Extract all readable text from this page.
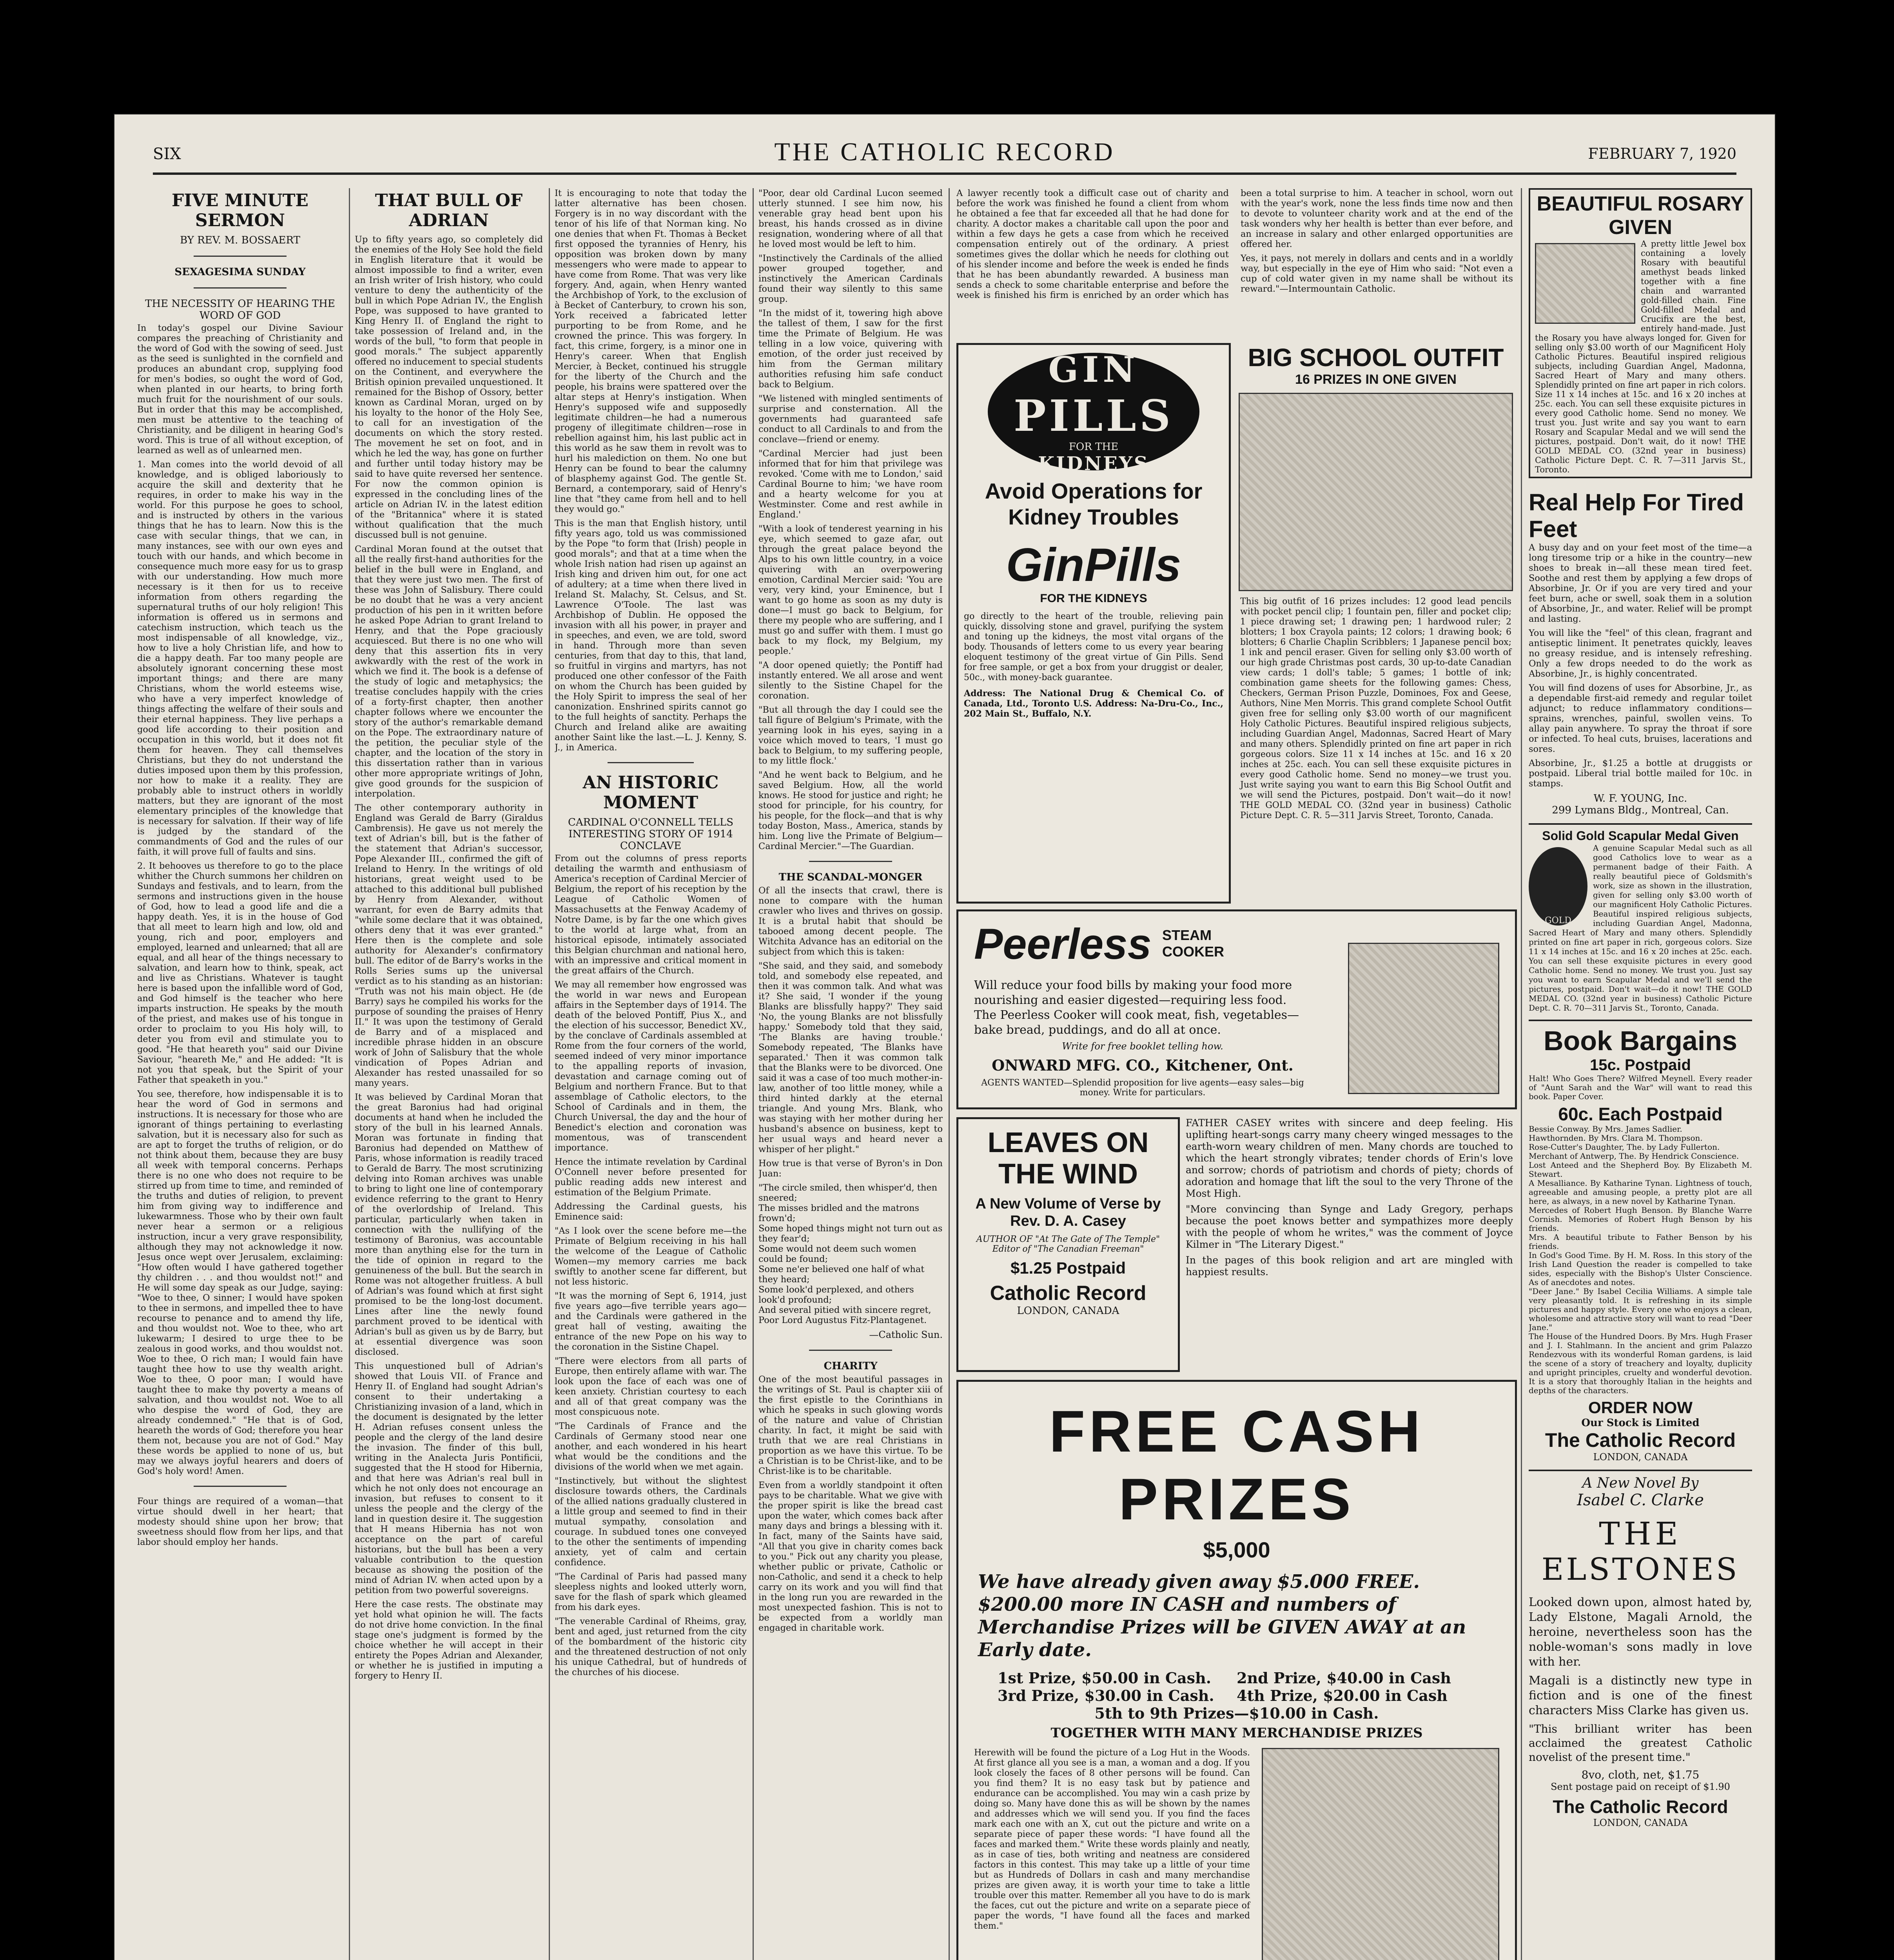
SIX	THE CATHOLIC RECORD	FEBRUARY 7, 1920
FIVE MINUTE SERMON
BY REV. M. BOSSAERT
SEXAGESIMA SUNDAY
THE NECESSITY OF HEARING THE WORD OF GOD

In today's gospel our Divine Saviour compares the preaching of Christianity and the word of God with the sowing of seed. Just as the seed is sunlighted in the cornfield and produces an abundant crop, supplying food for men's bodies, so ought the word of God, when planted in our hearts, to bring forth much fruit for the nourishment of our souls. But in order that this may be accomplished, men must be attentive to the teaching of Christianity, and be diligent in hearing God's word. This is true of all without exception, of learned as well as of unlearned men.

1. Man comes into the world devoid of all knowledge, and is obliged laboriously to acquire the skill and dexterity that he requires, in order to make his way in the world. For this purpose he goes to school, and is instructed by others in the various things that he has to learn. Now this is the case with secular things, that we can, in many instances, see with our own eyes and touch with our hands, and which become in consequence much more easy for us to grasp with our understanding. How much more necessary is it then for us to receive information from others regarding the supernatural truths of our holy religion! This information is offered us in sermons and catechism instruction, which teach us the most indispensable of all knowledge, viz., how to live a holy Christian life, and how to die a happy death. Far too many people are absolutely ignorant concerning these most important things; and there are many Christians, whom the world esteems wise, who have a very imperfect knowledge of things affecting the welfare of their souls and their eternal happiness. They live perhaps a good life according to their position and occupation in this world, but it does not fit them for heaven. They call themselves Christians, but they do not understand the duties imposed upon them by this profession, nor how to make it a reality. They are probably able to instruct others in worldly matters, but they are ignorant of the most elementary principles of the knowledge that is necessary for salvation. If their way of life is judged by the standard of the commandments of God and the rules of our faith, it will prove full of faults and sins.

2. It behooves us therefore to go to the place whither the Church summons her children on Sundays and festivals, and to learn, from the sermons and instructions given in the house of God, how to lead a good life and die a happy death. Yes, it is in the house of God that all meet to learn high and low, old and young, rich and poor, employers and employed, learned and unlearned; that all are equal, and all hear of the things necessary to salvation, and learn how to think, speak, act and live as Christians. Whatever is taught here is based upon the infallible word of God, and God himself is the teacher who here imparts instruction. He speaks by the mouth of the priest, and makes use of his tongue in order to proclaim to you His holy will, to deter you from evil and stimulate you to good. "He that heareth you" said our Divine Saviour, "heareth Me," and He added: "It is not you that speak, but the Spirit of your Father that speaketh in you."

You see, therefore, how indispensable it is to hear the word of God in sermons and instructions. It is necessary for those who are ignorant of things pertaining to everlasting salvation, but it is necessary also for such as are apt to forget the truths of religion, or do not think about them, because they are busy all week with temporal concerns. Perhaps there is no one who does not require to be stirred up from time to time, and reminded of the truths and duties of religion, to prevent him from giving way to indifference and lukewarmness. Those who by their own fault never hear a sermon or a religious instruction, incur a very grave responsibility, although they may not acknowledge it now. Jesus once wept over Jerusalem, exclaiming: "How often would I have gathered together thy children . . . and thou wouldst not!" and He will some day speak as our Judge, saying: "Woe to thee, O sinner; I would have spoken to thee in sermons, and impelled thee to have recourse to penance and to amend thy life, and thou wouldst not. Woe to thee, who art lukewarm; I desired to urge thee to be zealous in good works, and thou wouldst not. Woe to thee, O rich man; I would fain have taught thee how to use thy wealth aright. Woe to thee, O poor man; I would have taught thee to make thy poverty a means of salvation, and thou wouldst not. Woe to all who despise the word of God, they are already condemned." "He that is of God, heareth the words of God; therefore you hear them not, because you are not of God." May these words be applied to none of us, but may we always joyful hearers and doers of God's holy word! Amen.

Four things are required of a woman—that virtue should dwell in her heart; that modesty should shine upon her brow; that sweetness should flow from her lips, and that labor should employ her hands.

THAT BULL OF ADRIAN

Up to fifty years ago, so completely did the enemies of the Holy See hold the field in English literature that it would be almost impossible to find a writer, even an Irish writer of Irish history, who could venture to deny the authenticity of the bull in which Pope Adrian IV., the English Pope, was supposed to have granted to King Henry II. of England the right to take possession of Ireland and, in the words of the bull, "to form that people in good morals." The subject apparently offered no inducement to special students on the Continent, and everywhere the British opinion prevailed unquestioned. It remained for the Bishop of Ossory, better known as Cardinal Moran, urged on by his loyalty to the honor of the Holy See, to call for an investigation of the documents on which the story rested. The movement he set on foot, and in which he led the way, has gone on further and further until today history may be said to have quite reversed her sentence. For now the common opinion is expressed in the concluding lines of the article on Adrian IV. in the latest edition of the "Britannica" where it is stated without qualification that the much discussed bull is not genuine.

Cardinal Moran found at the outset that all the really first-hand authorities for the belief in the bull were in England, and that they were just two men. The first of these was John of Salisbury. There could be no doubt that he was a very ancient production of his pen in it written before he asked Pope Adrian to grant Ireland to Henry, and that the Pope graciously acquiesced. But there is no one who will deny that this assertion fits in very awkwardly with the rest of the work in which we find it. The book is a defense of the study of logic and metaphysics; the treatise concludes happily with the cries of a forty-first chapter, then another chapter follows where we encounter the story of the author's remarkable demand on the Pope. The extraordinary nature of the petition, the peculiar style of the chapter, and the location of the story in this dissertation rather than in various other more appropriate writings of John, give good grounds for the suspicion of interpolation.

The other contemporary authority in England was Gerald de Barry (Giraldus Cambrensis). He gave us not merely the text of Adrian's bill, but is the father of the statement that Adrian's successor, Pope Alexander III., confirmed the gift of Ireland to Henry. In the writings of old historians, great weight used to be attached to this additional bull published by Henry from Alexander, without warrant, for even de Barry admits that "while some declare that it was obtained, others deny that it was ever granted." Here then is the complete and sole authority for Alexander's confirmatory bull. The editor of de Barry's works in the Rolls Series sums up the universal verdict as to his standing as an historian: "Truth was not his main object. He (de Barry) says he compiled his works for the purpose of sounding the praises of Henry II." It was upon the testimony of Gerald de Barry and of a misplaced and incredible phrase hidden in an obscure work of John of Salisbury that the whole vindication of Popes Adrian and Alexander has rested unassailed for so many years.

It was believed by Cardinal Moran that the great Baronius had had original documents at hand when he included the story of the bull in his learned Annals. Moran was fortunate in finding that Baronius had depended on Matthew of Paris, whose information is readily traced to Gerald de Barry. The most scrutinizing delving into Roman archives was unable to bring to light one line of contemporary evidence referring to the grant to Henry of the overlordship of Ireland. This particular, particularly when taken in connection with the nullifying of the testimony of Baronius, was accountable more than anything else for the turn in the tide of opinion in regard to the genuineness of the bull. But the search in Rome was not altogether fruitless. A bull of Adrian's was found which at first sight promised to be the long-lost document. Lines after line the newly found parchment proved to be identical with Adrian's bull as given us by de Barry, but at essential divergence was soon disclosed.

This unquestioned bull of Adrian's showed that Louis VII. of France and Henry II. of England had sought Adrian's consent to their undertaking a Christianizing invasion of a land, which in the document is designated by the letter H. Adrian refuses consent unless the people and the clergy of the land desire the invasion. The finder of this bull, writing in the Analecta Juris Pontificii, suggested that the H stood for Hibernia, and that here was Adrian's real bull in which he not only does not encourage an invasion, but refuses to consent to it unless the people and the clergy of the land in question desire it. The suggestion that H means Hibernia has not won acceptance on the part of careful historians, but the bull has been a very valuable contribution to the question because as showing the position of the mind of Adrian IV. when acted upon by a petition from two powerful sovereigns.

Here the case rests. The obstinate may yet hold what opinion he will. The facts do not drive home conviction. In the final stage one's judgment is formed by the choice whether he will accept in their entirety the Popes Adrian and Alexander, or whether he is justified in imputing a forgery to Henry II.

It is encouraging to note that today the latter alternative has been chosen. Forgery is in no way discordant with the tenor of his life of that Norman king. No one denies that when Ft. Thomas à Becket first opposed the tyrannies of Henry, his opposition was broken down by many messengers who were made to appear to have come from Rome. That was very like forgery. And, again, when Henry wanted the Archbishop of York, to the exclusion of à Becket of Canterbury, to crown his son, York received a fabricated letter purporting to be from Rome, and he crowned the prince. This was forgery. In fact, this crime, forgery, is a minor one in Henry's career. When that English Mercier, à Becket, continued his struggle for the liberty of the Church and the people, his brains were spattered over the altar steps at Henry's instigation. When Henry's supposed wife and supposedly legitimate children—he had a numerous progeny of illegitimate children—rose in rebellion against him, his last public act in this world as he saw them in revolt was to hurl his malediction on them. No one but Henry can be found to bear the calumny of blasphemy against God. The gentle St. Bernard, a contemporary, said of Henry's line that "they came from hell and to hell they would go."

This is the man that English history, until fifty years ago, told us was commissioned by the Pope "to form that (Irish) people in good morals"; and that at a time when the whole Irish nation had risen up against an Irish king and driven him out, for one act of adultery; at a time when there lived in Ireland St. Malachy, St. Celsus, and St. Lawrence O'Toole. The last was Archbishop of Dublin. He opposed the invasion with all his power, in prayer and in speeches, and even, we are told, sword in hand. Through more than seven centuries, from that day to this, that land, so fruitful in virgins and martyrs, has not produced one other confessor of the Faith on whom the Church has been guided by the Holy Spirit to impress the seal of her canonization. Enshrined spirits cannot go to the full heights of sanctity. Perhaps the Church and Ireland alike are awaiting another Saint like the last.—L. J. Kenny, S. J., in America.

AN HISTORIC MOMENT
CARDINAL O'CONNELL TELLS INTERESTING STORY OF 1914 CONCLAVE

From out the columns of press reports detailing the warmth and enthusiasm of America's reception of Cardinal Mercier of Belgium, the report of his reception by the League of Catholic Women of Massachusetts at the Fenway Academy of Notre Dame, is by far the one which gives to the world at large what, from an historical episode, intimately associated this Belgian churchman and national hero, with an impressive and critical moment in the great affairs of the Church.

We may all remember how engrossed was the world in war news and European affairs in the September days of 1914. The death of the beloved Pontiff, Pius X., and the election of his successor, Benedict XV., by the conclave of Cardinals assembled at Rome from the four corners of the world, seemed indeed of very minor importance to the appalling reports of invasion, devastation and carnage coming out of Belgium and northern France. But to that assemblage of Catholic electors, to the School of Cardinals and in them, the Church Universal, the day and the hour of Benedict's election and coronation was momentous, was of transcendent importance.

Hence the intimate revelation by Cardinal O'Connell never before presented for public reading adds new interest and estimation of the Belgium Primate.

Addressing the Cardinal guests, his Eminence said:

"As I look over the scene before me—the Primate of Belgium receiving in his hall the welcome of the League of Catholic Women—my memory carries me back swiftly to another scene far different, but not less historic.

"It was the morning of Sept 6, 1914, just five years ago—five terrible years ago—and the Cardinals were gathered in the great hall of vesting, awaiting the entrance of the new Pope on his way to the coronation in the Sistine Chapel.

"There were electors from all parts of Europe, then entirely aflame with war. The look upon the face of each was one of keen anxiety. Christian courtesy to each and all of that great company was the most conspicuous note.

"The Cardinals of France and the Cardinals of Germany stood near one another, and each wondered in his heart what would be the conditions and the divisions of the world when we met again.

"Instinctively, but without the slightest disclosure towards others, the Cardinals of the allied nations gradually clustered in a little group and seemed to find in their mutual sympathy, consolation and courage. In subdued tones one conveyed to the other the sentiments of impending anxiety, yet of calm and certain confidence.

"The Cardinal of Paris had passed many sleepless nights and looked utterly worn, save for the flash of spark which gleamed from his dark eyes.

"The venerable Cardinal of Rheims, gray, bent and aged, just returned from the city of the bombardment of the historic city and the threatened destruction of not only his unique Cathedral, but of hundreds of the churches of his diocese.

"Poor, dear old Cardinal Lucon seemed utterly stunned. I see him now, his venerable gray head bent upon his breast, his hands crossed as in divine resignation, wondering where of all that he loved most would be left to him.

"Instinctively the Cardinals of the allied power grouped together, and instinctively the American Cardinals found their way silently to this same group.

"In the midst of it, towering high above the tallest of them, I saw for the first time the Primate of Belgium. He was telling in a low voice, quivering with emotion, of the order just received by him from the German military authorities refusing him safe conduct back to Belgium.

"We listened with mingled sentiments of surprise and consternation. All the governments had guaranteed safe conduct to all Cardinals to and from the conclave—friend or enemy.

"Cardinal Mercier had just been informed that for him that privilege was revoked. 'Come with me to London,' said Cardinal Bourne to him; 'we have room and a hearty welcome for you at Westminster. Come and rest awhile in England.'

"With a look of tenderest yearning in his eye, which seemed to gaze afar, out through the great palace beyond the Alps to his own little country, in a voice quivering with an overpowering emotion, Cardinal Mercier said: 'You are very, very kind, your Eminence, but I want to go home as soon as my duty is done—I must go back to Belgium, for there my people who are suffering, and I must go and suffer with them. I must go back to my flock, my Belgium, my people.'

"A door opened quietly; the Pontiff had instantly entered. We all arose and went silently to the Sistine Chapel for the coronation.

"But all through the day I could see the tall figure of Belgium's Primate, with the yearning look in his eyes, saying in a voice which moved to tears, 'I must go back to Belgium, to my suffering people, to my little flock.'

"And he went back to Belgium, and he saved Belgium. How, all the world knows. He stood for justice and right; he stood for principle, for his country, for his people, for the flock—and that is why today Boston, Mass., America, stands by him. Long live the Primate of Belgium—Cardinal Mercier."—The Guardian.

THE SCANDAL-MONGER

Of all the insects that crawl, there is none to compare with the human crawler who lives and thrives on gossip. It is a brutal habit that should be tabooed among decent people. The Witchita Advance has an editorial on the subject from which this is taken:

"She said, and they said, and somebody told, and somebody else repeated, and then it was common talk. And what was it? She said, 'I wonder if the young Blanks are blissfully happy?' They said 'No, the young Blanks are not blissfully happy.' Somebody told that they said, 'The Blanks are having trouble.' Somebody repeated, 'The Blanks have separated.' Then it was common talk that the Blanks were to be divorced. One said it was a case of too much mother-in-law, another of too little money, while a third hinted darkly at the eternal triangle. And young Mrs. Blank, who was staying with her mother during her husband's absence on business, kept to her usual ways and heard never a whisper of her plight."

How true is that verse of Byron's in Don Juan:

"The circle smiled, then whisper'd, then sneered;
The misses bridled and the matrons frown'd;
Some hoped things might not turn out as they fear'd;
Some would not deem such women could be found;
Some ne'er believed one half of what they heard;
Some look'd perplexed, and others look'd profound;
And several pitied with sincere regret,
Poor Lord Augustus Fitz-Plantagenet.

—Catholic Sun.
CHARITY

One of the most beautiful passages in the writings of St. Paul is chapter xiii of the first epistle to the Corinthians in which he speaks in such glowing words of the nature and value of Christian charity. In fact, it might be said with truth that we are real Christians in proportion as we have this virtue. To be a Christian is to be Christ-like, and to be Christ-like is to be charitable.

Even from a worldly standpoint it often pays to be charitable. What we give with the proper spirit is like the bread cast upon the water, which comes back after many days and brings a blessing with it. In fact, many of the Saints have said, "All that you give in charity comes back to you." Pick out any charity you please, whether public or private, Catholic or non-Catholic, and send it a check to help carry on its work and you will find that in the long run you are rewarded in the most unexpected fashion. This is not to be expected from a worldly man engaged in charitable work.

A lawyer recently took a difficult case out of charity and before the work was finished he found a client from whom he obtained a fee that far exceeded all that he had done for charity. A doctor makes a charitable call upon the poor and within a few days he gets a case from which he received compensation entirely out of the ordinary. A priest sometimes gives the dollar which he needs for clothing out of his slender income and before the week is ended he finds that he has been abundantly rewarded. A business man sends a check to some charitable enterprise and before the week is finished his firm is enriched by an order which has been a total surprise to him. A teacher in school, worn out with the year's work, none the less finds time now and then to devote to volunteer charity work and at the end of the task wonders why her health is better than ever before, and an increase in salary and other enlarged opportunities are offered her.

Yes, it pays, not merely in dollars and cents and in a worldly way, but especially in the eye of Him who said: "Not even a cup of cold water given in my name shall be without its reward."—Intermountain Catholic.

GIN
PILLS
FOR THE
KIDNEYS
Avoid Operations for Kidney Troubles
GinPills
FOR THE KIDNEYS
go directly to the heart of the trouble, relieving pain quickly, dissolving stone and gravel, purifying the system and toning up the kidneys, the most vital organs of the body. Thousands of letters come to us every year bearing eloquent testimony of the great virtue of Gin Pills. Send for free sample, or get a box from your druggist or dealer, 50c., with money-back guarantee.
Address: The National Drug & Chemical Co. of Canada, Ltd., Toronto U.S. Address: Na-Dru-Co., Inc., 202 Main St., Buffalo, N.Y.
BIG SCHOOL OUTFIT
16 PRIZES IN ONE GIVEN
This big outfit of 16 prizes includes: 12 good lead pencils with pocket pencil clip; 1 fountain pen, filler and pocket clip; 1 piece drawing set; 1 drawing pen; 1 hardwood ruler; 2 blotters; 1 box Crayola paints; 12 colors; 1 drawing book; 6 blotters; 6 Charlie Chaplin Scribblers; 1 Japanese pencil box; 1 ink and pencil eraser. Given for selling only $3.00 worth of our high grade Christmas post cards, 30 up-to-date Canadian view cards; 1 doll's table; 5 games; 1 bottle of ink; combination game sheets for the following games: Chess, Checkers, German Prison Puzzle, Dominoes, Fox and Geese, Authors, Nine Men Morris. This grand complete School Outfit given free for selling only $3.00 worth of our magnificent Holy Catholic Pictures. Beautiful inspired religious subjects, including Guardian Angel, Madonnas, Sacred Heart of Mary and many others. Splendidly printed on fine art paper in rich gorgeous colors. Size 11 x 14 inches at 15c. and 16 x 20 inches at 25c. each. You can sell these exquisite pictures in every good Catholic home. Send no money—we trust you. Just write saying you want to earn this Big School Outfit and we will send the Pictures, postpaid. Don't wait—do it now! THE GOLD MEDAL CO. (32nd year in business) Catholic Picture Dept. C. R. 5—311 Jarvis Street, Toronto, Canada.
Peerless STEAM COOKER
Will reduce your food bills by making your food more nourishing and easier digested—requiring less food. The Peerless Cooker will cook meat, fish, vegetables—bake bread, puddings, and do all at once.
Write for free booklet telling how.
ONWARD MFG. CO., Kitchener, Ont.
AGENTS WANTED—Splendid proposition for live agents—easy sales—big money. Write for particulars.
LEAVES ON THE WIND
A New Volume of Verse by Rev. D. A. Casey
AUTHOR OF "At The Gate of The Temple" Editor of "The Canadian Freeman"
$1.25 Postpaid
Catholic Record
LONDON, CANADA

FATHER CASEY writes with sincere and deep feeling. His uplifting heart-songs carry many cheery winged messages to the earth-worn weary children of men. Many chords are touched to which the heart strongly vibrates; tender chords of Erin's love and sorrow; chords of patriotism and chords of piety; chords of adoration and homage that lift the soul to the very Throne of the Most High.

"More convincing than Synge and Lady Gregory, perhaps because the poet knows better and sympathizes more deeply with the people of whom he writes," was the comment of Joyce Kilmer in "The Literary Digest."

In the pages of this book religion and art are mingled with happiest results.

FREE CASH PRIZES
$5,000
We have already given away $5.000 FREE. $200.00 more IN CASH and numbers of Merchandise Prizes will be GIVEN AWAY at an Early date.
1st Prize, $50.00 in Cash.	2nd Prize, $40.00 in Cash
3rd Prize, $30.00 in Cash.	4th Prize, $20.00 in Cash
5th to 9th Prizes—$10.00 in Cash.
TOGETHER WITH MANY MERCHANDISE PRIZES
Herewith will be found the picture of a Log Hut in the Woods. At first glance all you see is a man, a woman and a dog. If you look closely the faces of 8 other persons will be found. Can you find them? It is no easy task but by patience and endurance can be accomplished. You may win a cash prize by doing so. Many have done this as will be shown by the names and addresses which we will send you. If you find the faces mark each one with an X, cut out the picture and write on a separate piece of paper these words: "I have found all the faces and marked them." Write these words plainly and neatly, as in case of ties, both writing and neatness are considered factors in this contest. This may take up a little of your time but as Hundreds of Dollars in cash and many merchandise prizes are given away, it is worth your time to take a little trouble over this matter. Remember all you have to do is mark the faces, cut out the picture and write on a separate piece of paper the words, "I have found all the faces and marked them."
BEAUTIFUL ROSARY GIVEN
A pretty little Jewel box containing a lovely Rosary with beautiful amethyst beads linked together with a fine chain and warranted gold-filled chain. Fine Gold-filled Medal and Crucifix are the best, entirely hand-made. Just the Rosary you have always longed for. Given for selling only $3.00 worth of our Magnificent Holy Catholic Pictures. Beautiful inspired religious subjects, including Guardian Angel, Madonna, Sacred Heart of Mary and many others. Splendidly printed on fine art paper in rich colors. Size 11 x 14 inches at 15c. and 16 x 20 inches at 25c. each. You can sell these exquisite pictures in every good Catholic home. Send no money. We trust you. Just write and say you want to earn Rosary and Scapular Medal and we will send the pictures, postpaid. Don't wait, do it now! THE GOLD MEDAL CO. (32nd year in business) Catholic Picture Dept. C. R. 7—311 Jarvis St., Toronto.
Real Help For Tired Feet

A busy day and on your feet most of the time—a long tiresome trip or a hike in the country—new shoes to break in—all these mean tired feet. Soothe and rest them by applying a few drops of Absorbine, Jr. Or if you are very tired and your feet burn, ache or swell, soak them in a solution of Absorbine, Jr., and water. Relief will be prompt and lasting.

You will like the "feel" of this clean, fragrant and antiseptic liniment. It penetrates quickly, leaves no greasy residue, and is intensely refreshing. Only a few drops needed to do the work as Absorbine, Jr., is highly concentrated.

You will find dozens of uses for Absorbine, Jr., as a dependable first-aid remedy and regular toilet adjunct; to reduce inflammatory conditions—sprains, wrenches, painful, swollen veins. To allay pain anywhere. To spray the throat if sore or infected. To heal cuts, bruises, lacerations and sores.

Absorbine, Jr., $1.25 a bottle at druggists or postpaid. Liberal trial bottle mailed for 10c. in stamps.

W. F. YOUNG, Inc.
299 Lymans Bldg., Montreal, Can.
Solid Gold Scapular Medal Given
GOLD
A genuine Scapular Medal such as all good Catholics love to wear as a permanent badge of their Faith. A really beautiful piece of Goldsmith's work, size as shown in the illustration, given for selling only $3.00 worth of our magnificent Holy Catholic Pictures. Beautiful inspired religious subjects, including Guardian Angel, Madonna, Sacred Heart of Mary and many others. Splendidly printed on fine art paper in rich, gorgeous colors. Size 11 x 14 inches at 15c. and 16 x 20 inches at 25c. each. You can sell these exquisite pictures in every good Catholic home. Send no money. We trust you. Just say you want to earn Scapular Medal and we'll send the pictures, postpaid. Don't wait—do it now! THE GOLD MEDAL CO. (32nd year in business) Catholic Picture Dept. C. R. 70—311 Jarvis St., Toronto, Canada.
Book Bargains
15c. Postpaid
Halt! Who Goes There? Wilfred Meynell. Every reader of "Aunt Sarah and the War" will want to read this book. Paper Cover.
60c. Each Postpaid
Bessie Conway. By Mrs. James Sadlier.
Hawthornden. By Mrs. Clara M. Thompson.
Rose-Cutter's Daughter, The. by Lady Fullerton.
Merchant of Antwerp, The. By Hendrick Conscience.
Lost Anteed and the Shepherd Boy. By Elizabeth M. Stewart.
A Mesalliance. By Katharine Tynan. Lightness of touch, agreeable and amusing people, a pretty plot are all here, as always, in a new novel by Katharine Tynan.
Mercedes of Robert Hugh Benson. By Blanche Warre Cornish. Memories of Robert Hugh Benson by his friends.
Mrs. A beautiful tribute to Father Benson by his friends.
In God's Good Time. By H. M. Ross. In this story of the Irish Land Question the reader is compelled to take sides, especially with the Bishop's Ulster Conscience. As of anecdotes and notes.
"Deer Jane." By Isabel Cecilia Williams. A simple tale very pleasantly told. It is refreshing in its simple pictures and happy style. Every one who enjoys a clean, wholesome and attractive story will want to read "Deer Jane."
The House of the Hundred Doors. By Mrs. Hugh Fraser and J. I. Stahlmann. In the ancient and grim Palazzo Rendezvous with its wonderful Roman gardens, is laid the scene of a story of treachery and loyalty, duplicity and upright principles, cruelty and wonderful devotion. It is a story that thoroughly Italian in the heights and depths of the characters.
ORDER NOW
Our Stock is Limited
The Catholic Record
LONDON, CANADA
A New Novel By
Isabel C. Clarke
THE
ELSTONES

Looked down upon, almost hated by, Lady Elstone, Magali Arnold, the heroine, nevertheless soon has the noble-woman's sons madly in love with her.

Magali is a distinctly new type in fiction and is one of the finest characters Miss Clarke has given us.

"This brilliant writer has been acclaimed the greatest Catholic novelist of the present time."

8vo, cloth, net, $1.75
Sent postage paid on receipt of $1.90
The Catholic Record
LONDON, CANADA
